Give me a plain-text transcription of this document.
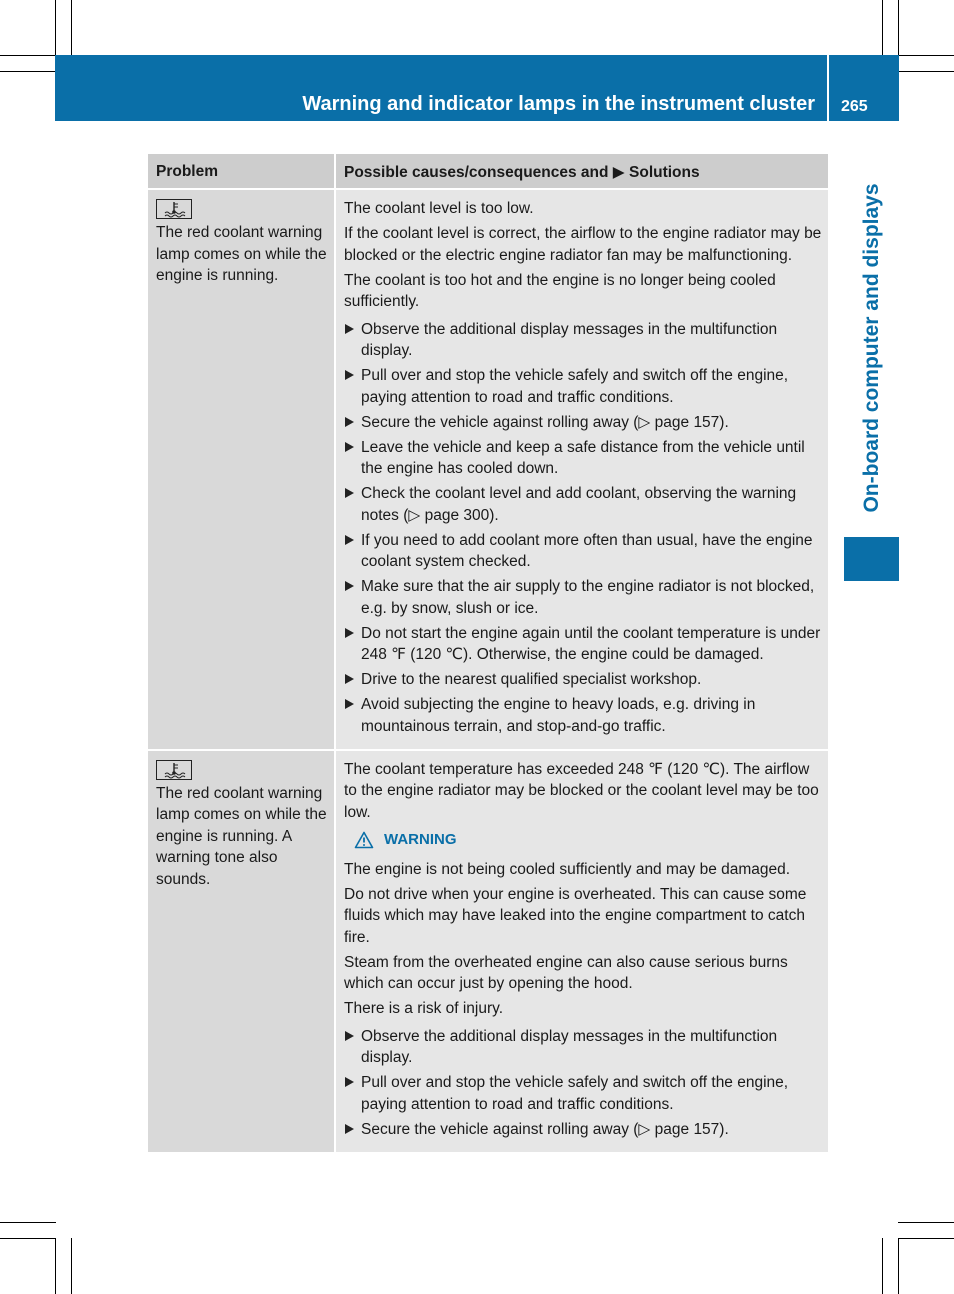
Warning and indicator lamps in the instrument cluster 265
On-board computer and displays
Problem	Possible causes/consequences and ▶ Solutions
The red coolant warning lamp comes on while the engine is running.

The coolant level is too low.

If the coolant level is correct, the airflow to the engine radiator may be blocked or the electric engine radiator fan may be malfunctioning.

The coolant is too hot and the engine is no longer being cooled sufficiently.

Observe the additional display messages in the multifunction display.
Pull over and stop the vehicle safely and switch off the engine, paying attention to road and traffic conditions.
Secure the vehicle against rolling away (▷ page 157).
Leave the vehicle and keep a safe distance from the vehicle until the engine has cooled down.
Check the coolant level and add coolant, observing the warning notes (▷ page 300).
If you need to add coolant more often than usual, have the engine coolant system checked.
Make sure that the air supply to the engine radiator is not blocked, e.g. by snow, slush or ice.
Do not start the engine again until the coolant temperature is under 248 ℉ (120 ℃). Otherwise, the engine could be damaged.
Drive to the nearest qualified specialist workshop.
Avoid subjecting the engine to heavy loads, e.g. driving in mountainous terrain, and stop-and-go traffic.
The red coolant warning lamp comes on while the engine is running. A warning tone also sounds.

The coolant temperature has exceeded 248 ℉ (120 ℃). The airflow to the engine radiator may be blocked or the coolant level may be too low.

WARNING

The engine is not being cooled sufficiently and may be damaged.

Do not drive when your engine is overheated. This can cause some fluids which may have leaked into the engine compartment to catch fire.

Steam from the overheated engine can also cause serious burns which can occur just by opening the hood.

There is a risk of injury.

Observe the additional display messages in the multifunction display.
Pull over and stop the vehicle safely and switch off the engine, paying attention to road and traffic conditions.
Secure the vehicle against rolling away (▷ page 157).
